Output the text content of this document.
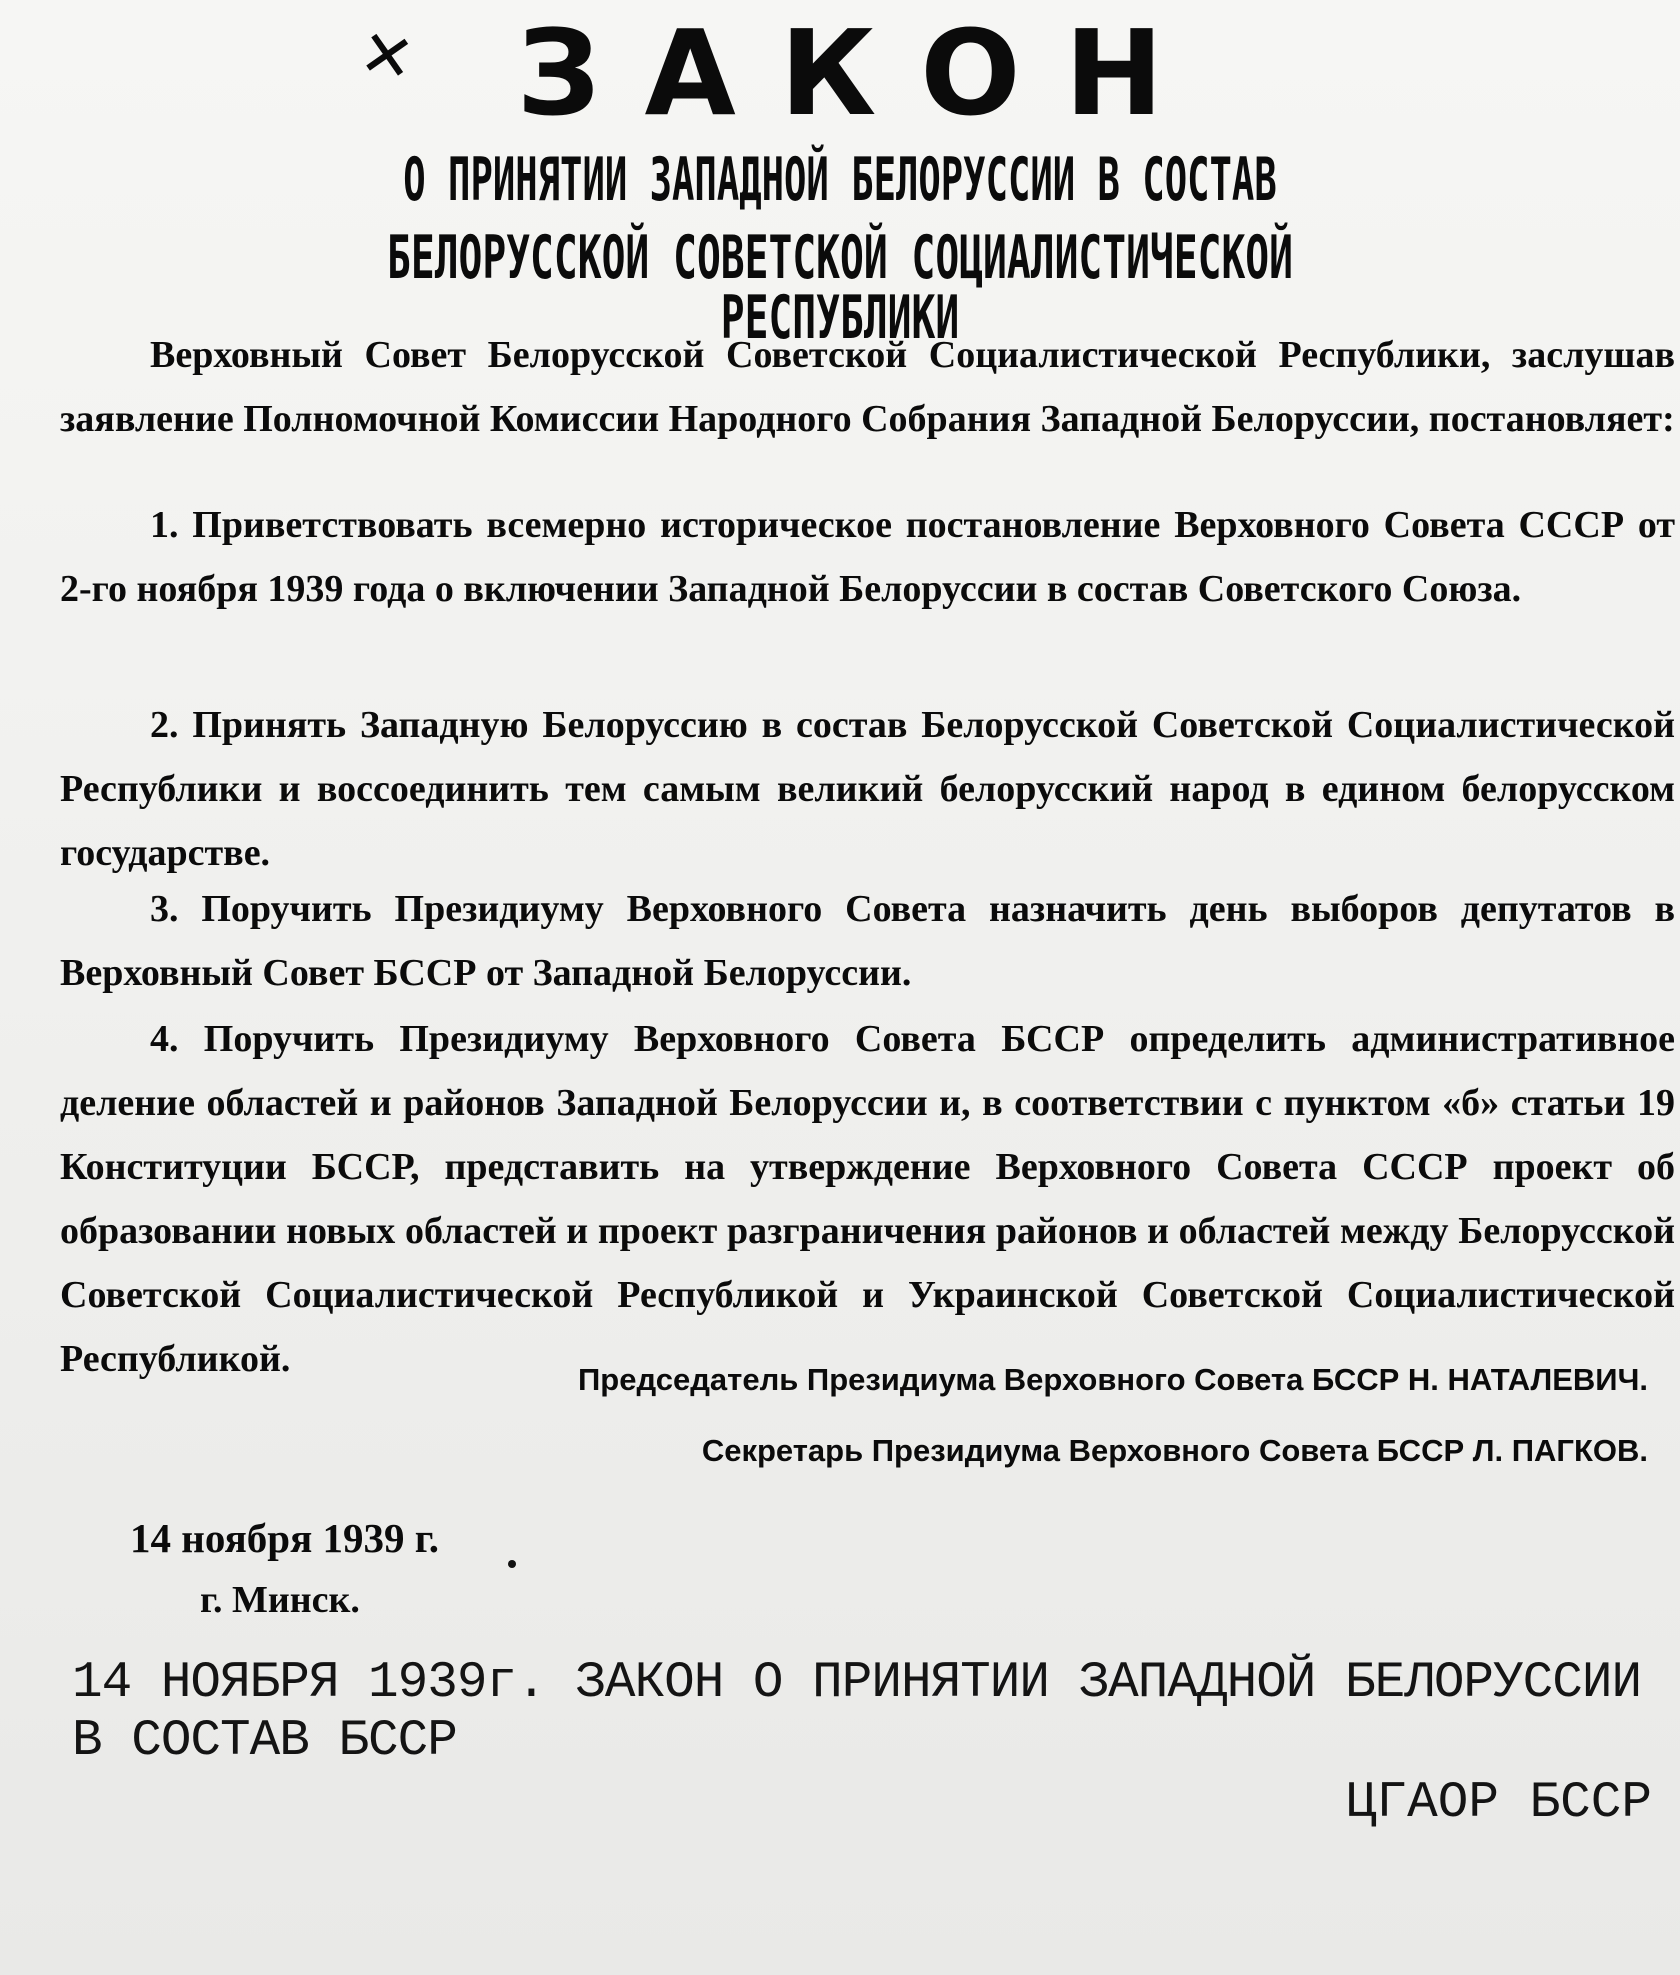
✕ ЗАКОН
О ПРИНЯТИИ ЗАПАДНОЙ БЕЛОРУССИИ В СОСТАВ
БЕЛОРУССКОЙ СОВЕТСКОЙ СОЦИАЛИСТИЧЕСКОЙ РЕСПУБЛИКИ

Верховный Совет Белорусской Советской Социалистической Республики, заслушав заявление Полномочной Комиссии Народного Собрания Западной Белоруссии, постановляет:

1. Приветствовать всемерно историческое постановление Верховного Совета СССР от 2-го ноября 1939 года о включении Западной Белоруссии в состав Советского Союза.

2. Принять Западную Белоруссию в состав Белорусской Советской Социалистической Республики и воссоединить тем самым великий белорусский народ в едином белорусском государстве.

3. Поручить Президиуму Верховного Совета назначить день выборов депутатов в Верховный Совет БССР от Западной Белоруссии.

4. Поручить Президиуму Верховного Совета БССР определить административное деление областей и районов Западной Белоруссии и, в соответствии с пунктом «б» статьи 19 Конституции БССР, представить на утверждение Верховного Совета СССР проект об образовании новых областей и проект разграничения районов и областей между Белорусской Советской Социалистической Республикой и Украинской Советской Социалистической Республикой.	Председатель Президиума Верховного Совета БССР Н. НАТАЛЕВИЧ.
Секретарь Президиума Верховного Совета БССР Л. ПАГКОВ.
14 ноября 1939 г.
г. Минск.
14 НОЯБРЯ 1939г. ЗАКОН О ПРИНЯТИИ ЗАПАДНОЙ БЕЛОРУССИИ В СОСТАВ БССР
ЦГАОР БССР
